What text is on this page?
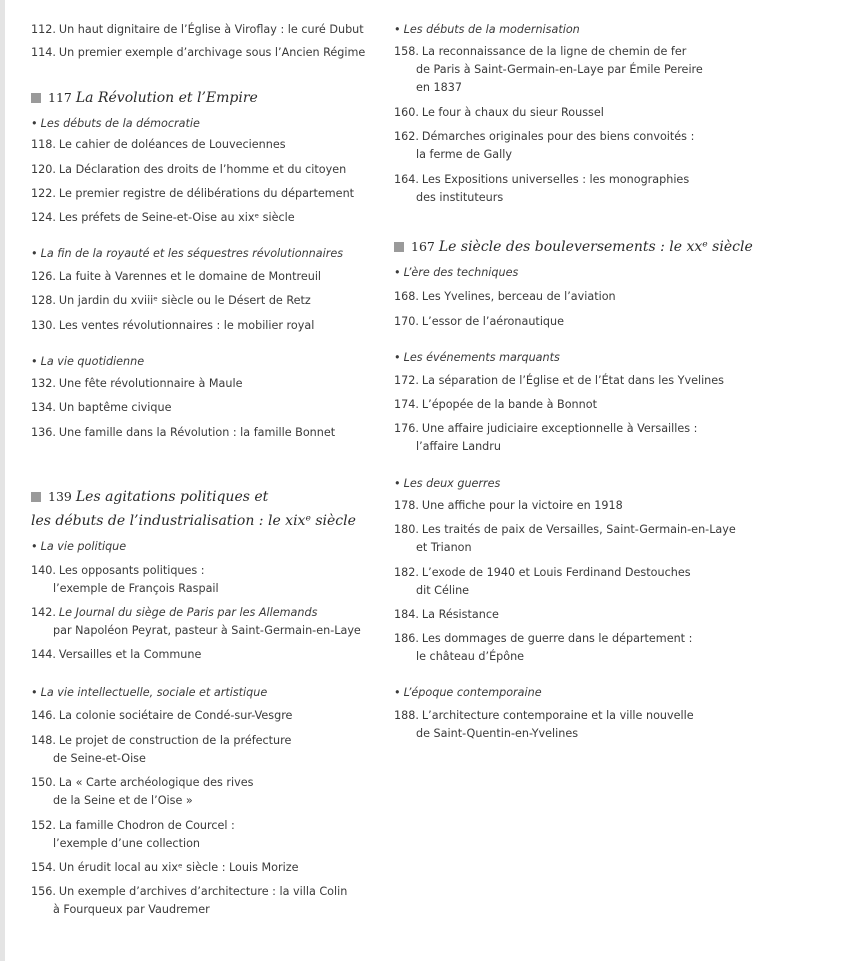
112. Un haut dignitaire de l’Église à Viroflay : le curé Dubut
114. Un premier exemple d’archivage sous l’Ancien Régime
117 La Révolution et l’Empire
• Les débuts de la démocratie
118. Le cahier de doléances de Louveciennes
120. La Déclaration des droits de l’homme et du citoyen
122. Le premier registre de délibérations du département
124. Les préfets de Seine-et-Oise au xixᵉ siècle
• La fin de la royauté et les séquestres révolutionnaires
126. La fuite à Varennes et le domaine de Montreuil
128. Un jardin du xviiiᵉ siècle ou le Désert de Retz
130. Les ventes révolutionnaires : le mobilier royal
• La vie quotidienne
132. Une fête révolutionnaire à Maule
134. Un baptême civique
136. Une famille dans la Révolution : la famille Bonnet
139 Les agitations politiques et
les débuts de l’industrialisation : le xixᵉ siècle
• La vie politique
140. Les opposants politiques :
l’exemple de François Raspail
142. Le Journal du siège de Paris par les Allemands
par Napoléon Peyrat, pasteur à Saint-Germain-en-Laye
144. Versailles et la Commune
• La vie intellectuelle, sociale et artistique
146. La colonie sociétaire de Condé-sur-Vesgre
148. Le projet de construction de la préfecture
de Seine-et-Oise
150. La « Carte archéologique des rives
de la Seine et de l’Oise »
152. La famille Chodron de Courcel :
l’exemple d’une collection
154. Un érudit local au xixᵉ siècle : Louis Morize
156. Un exemple d’archives d’architecture : la villa Colin
à Fourqueux par Vaudremer
• Les débuts de la modernisation
158. La reconnaissance de la ligne de chemin de fer
de Paris à Saint-Germain-en-Laye par Émile Pereire
en 1837
160. Le four à chaux du sieur Roussel
162. Démarches originales pour des biens convoités :
la ferme de Gally
164. Les Expositions universelles : les monographies
des instituteurs
167 Le siècle des bouleversements : le xxᵉ siècle
• L’ère des techniques
168. Les Yvelines, berceau de l’aviation
170. L’essor de l’aéronautique
• Les événements marquants
172. La séparation de l’Église et de l’État dans les Yvelines
174. L’épopée de la bande à Bonnot
176. Une affaire judiciaire exceptionnelle à Versailles :
l’affaire Landru
• Les deux guerres
178. Une affiche pour la victoire en 1918
180. Les traités de paix de Versailles, Saint-Germain-en-Laye
et Trianon
182. L’exode de 1940 et Louis Ferdinand Destouches
dit Céline
184. La Résistance
186. Les dommages de guerre dans le département :
le château d’Épône
• L’époque contemporaine
188. L’architecture contemporaine et la ville nouvelle
de Saint-Quentin-en-Yvelines
